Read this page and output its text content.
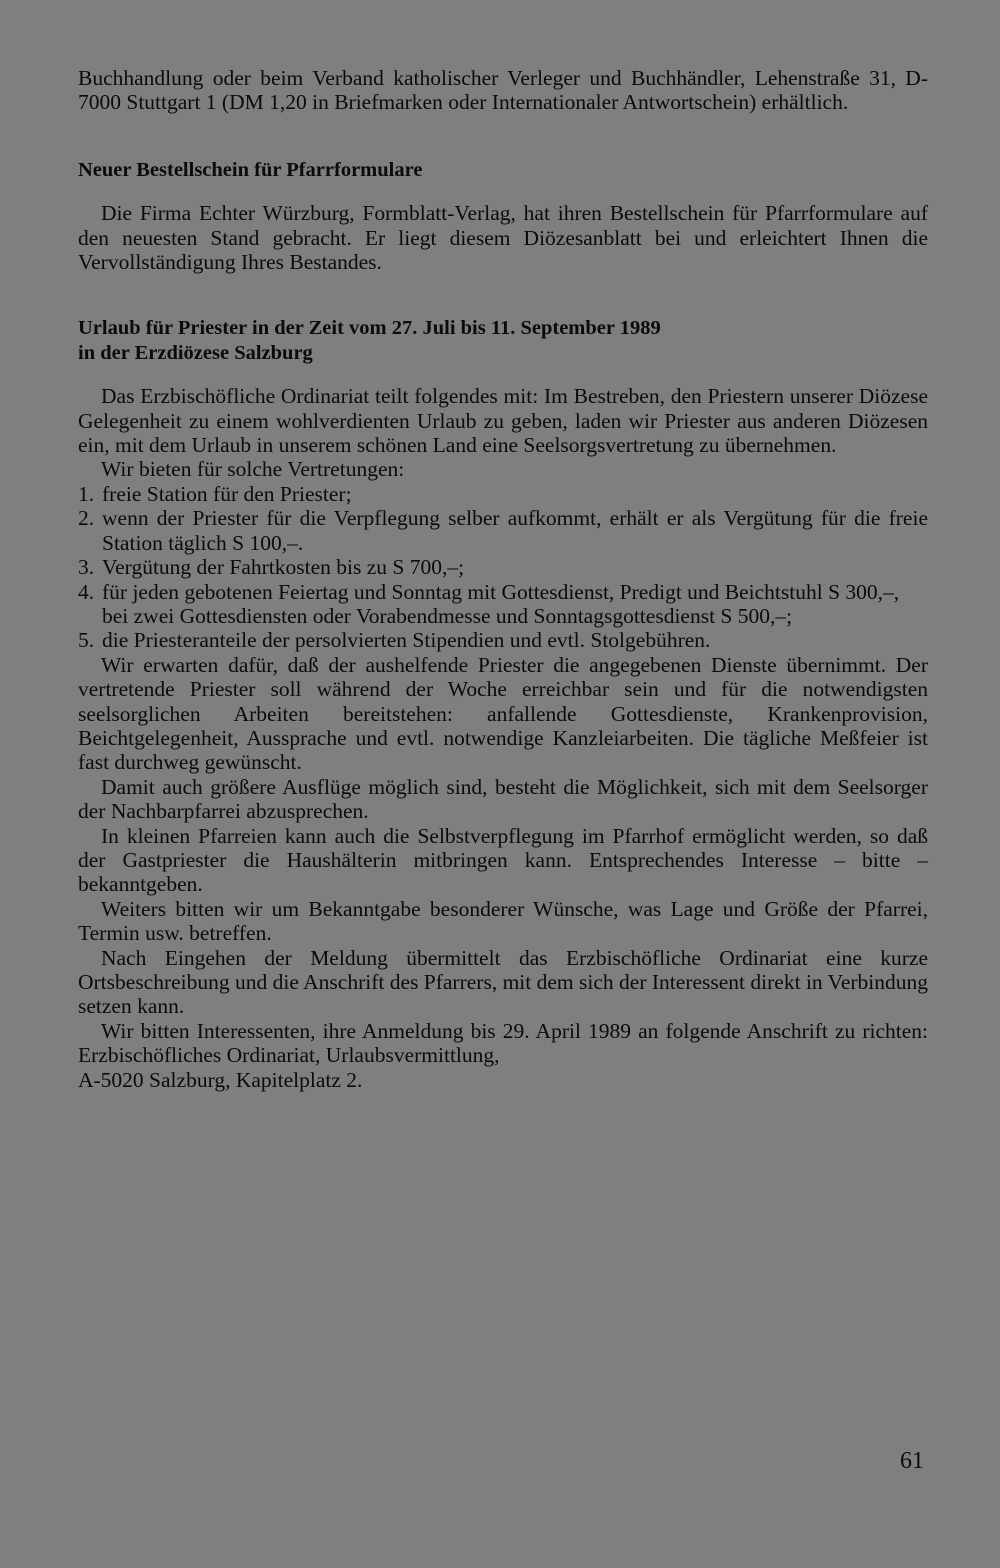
Buchhandlung oder beim Verband katholischer Verleger und Buchhändler, Lehenstraße 31, D-7000 Stuttgart 1 (DM 1,20 in Briefmarken oder Internationaler Antwortschein) erhältlich.

Neuer Bestellschein für Pfarrformulare

Die Firma Echter Würzburg, Formblatt-Verlag, hat ihren Bestellschein für Pfarrformulare auf den neuesten Stand gebracht. Er liegt diesem Diözesanblatt bei und erleichtert Ihnen die Vervollständigung Ihres Bestandes.

Urlaub für Priester in der Zeit vom 27. Juli bis 11. September 1989
in der Erzdiözese Salzburg

Das Erzbischöfliche Ordinariat teilt folgendes mit: Im Bestreben, den Priestern unserer Diözese Gelegenheit zu einem wohlverdienten Urlaub zu geben, laden wir Priester aus anderen Diözesen ein, mit dem Urlaub in unserem schönen Land eine Seelsorgsvertretung zu übernehmen.

Wir bieten für solche Vertretungen:

1. freie Station für den Priester;
2. wenn der Priester für die Verpflegung selber aufkommt, erhält er als Vergütung für die freie Station täglich S 100,–.
3. Vergütung der Fahrtkosten bis zu S 700,–;
4. für jeden gebotenen Feiertag und Sonntag mit Gottesdienst, Predigt und Beichtstuhl S 300,–,
bei zwei Gottesdiensten oder Vorabendmesse und Sonntagsgottesdienst S 500,–;
5. die Priesteranteile der persolvierten Stipendien und evtl. Stolgebühren.

Wir erwarten dafür, daß der aushelfende Priester die angegebenen Dienste übernimmt. Der vertretende Priester soll während der Woche erreichbar sein und für die notwendigsten seelsorglichen Arbeiten bereitstehen: anfallende Gottesdienste, Krankenprovision, Beichtgelegenheit, Aussprache und evtl. notwendige Kanzleiarbeiten. Die tägliche Meßfeier ist fast durchweg gewünscht.

Damit auch größere Ausflüge möglich sind, besteht die Möglichkeit, sich mit dem Seelsorger der Nachbarpfarrei abzusprechen.

In kleinen Pfarreien kann auch die Selbstverpflegung im Pfarrhof ermöglicht werden, so daß der Gastpriester die Haushälterin mitbringen kann. Entsprechendes Interesse – bitte – bekanntgeben.

Weiters bitten wir um Bekanntgabe besonderer Wünsche, was Lage und Größe der Pfarrei, Termin usw. betreffen.

Nach Eingehen der Meldung übermittelt das Erzbischöfliche Ordinariat eine kurze Ortsbeschreibung und die Anschrift des Pfarrers, mit dem sich der Interessent direkt in Verbindung setzen kann.

Wir bitten Interessenten, ihre Anmeldung bis 29. April 1989 an folgende Anschrift zu richten: Erzbischöfliches Ordinariat, Urlaubsvermittlung,

A-5020 Salzburg, Kapitelplatz 2.

61
